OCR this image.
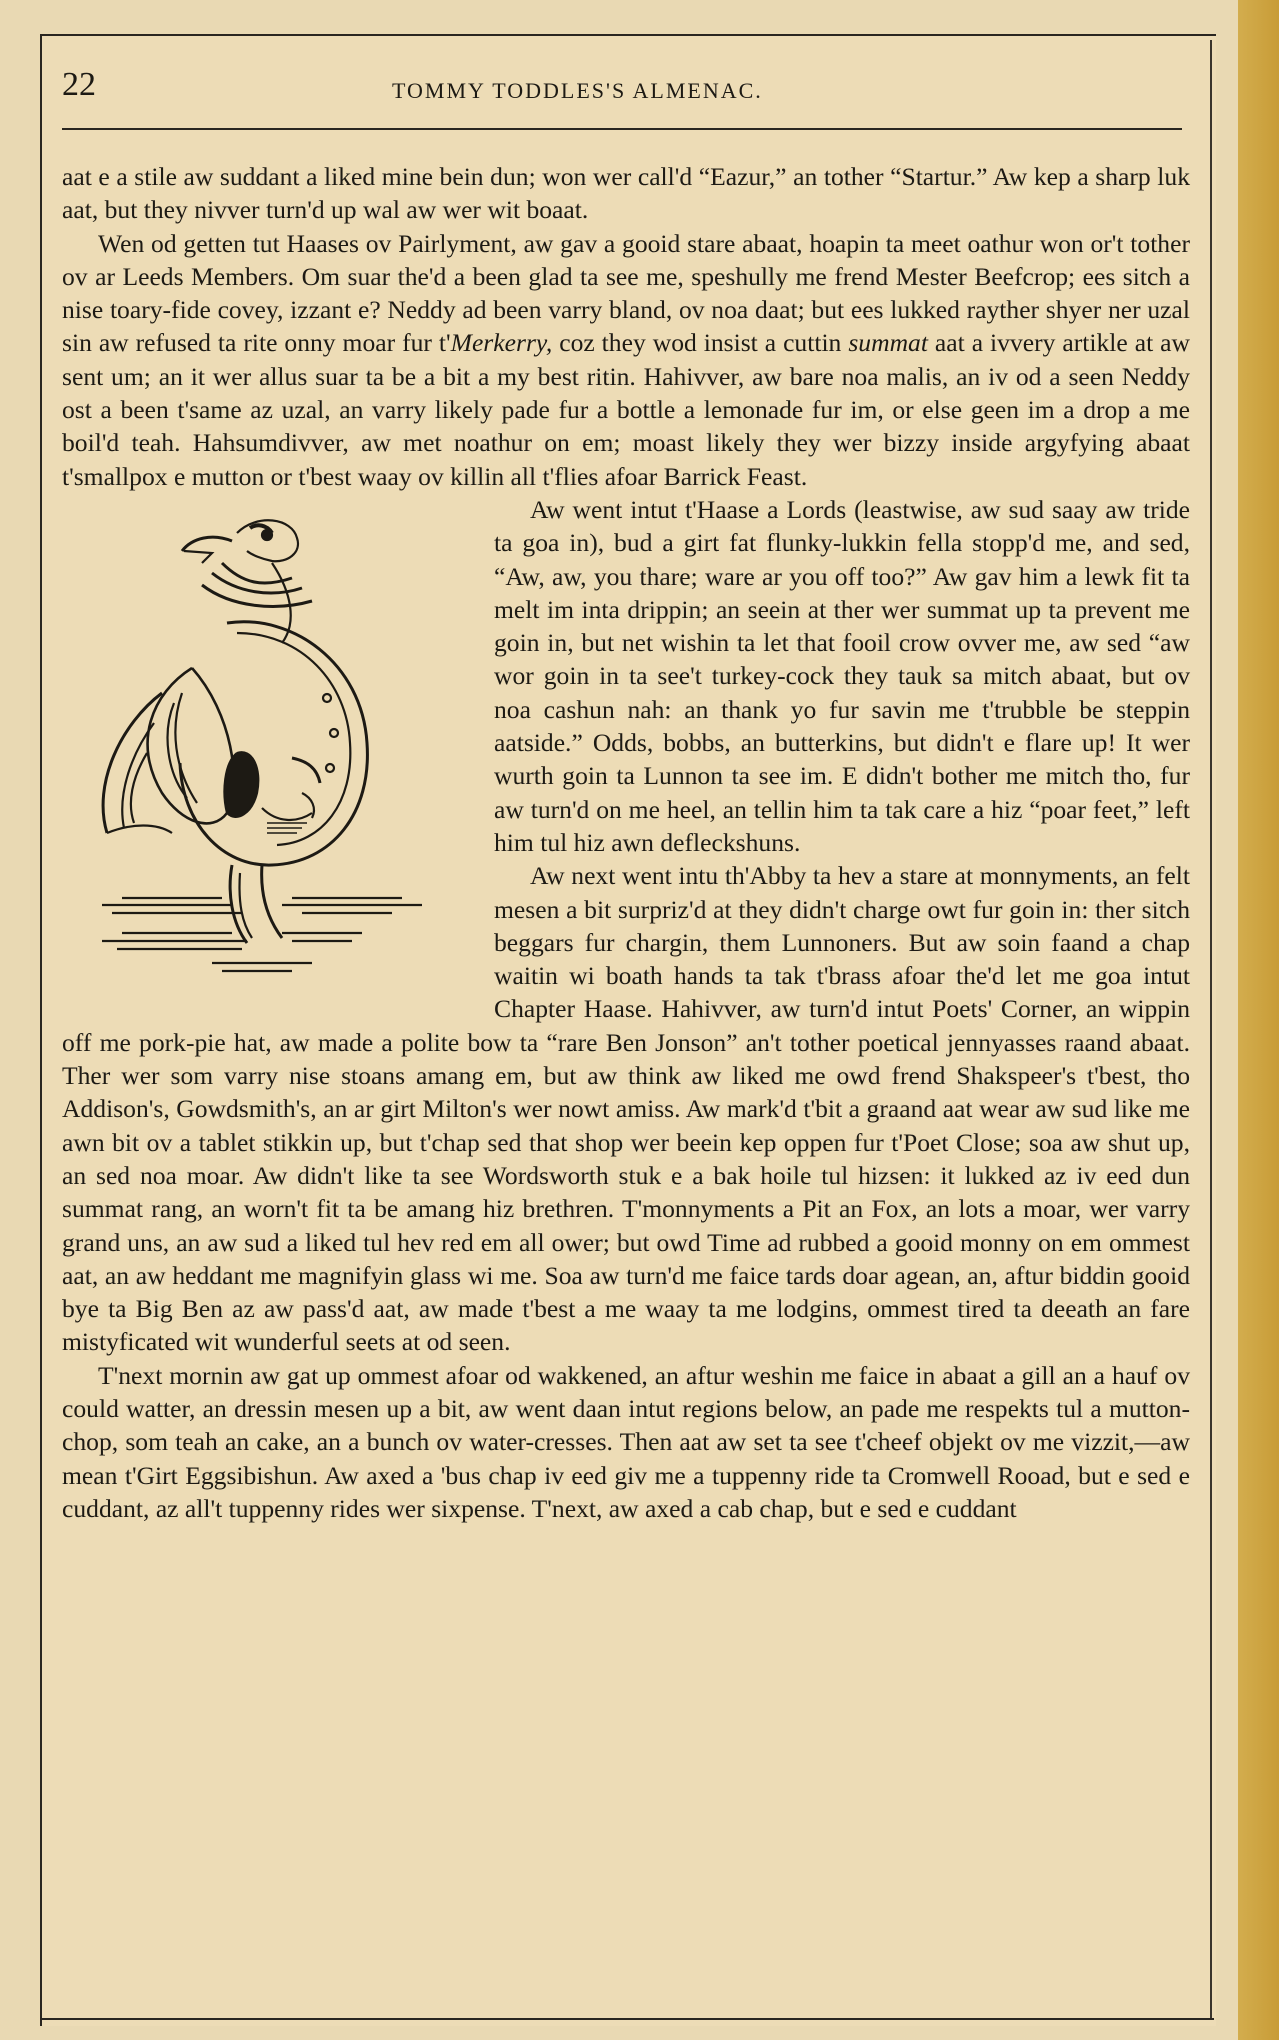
22	TOMMY TODDLES'S ALMENAC.

aat e a stile aw suddant a liked mine bein dun; won wer call'd “Eazur,” an tother “Startur.” Aw kep a sharp luk aat, but they nivver turn'd up wal aw wer wit boaat.

Wen od getten tut Haases ov Pairlyment, aw gav a gooid stare abaat, hoapin ta meet oathur won or't tother ov ar Leeds Members. Om suar the'd a been glad ta see me, speshully me frend Mester Beefcrop; ees sitch a nise toary-fide covey, izzant e? Neddy ad been varry bland, ov noa daat; but ees lukked rayther shyer ner uzal sin aw refused ta rite onny moar fur t'Merkerry, coz they wod insist a cuttin summat aat a ivvery artikle at aw sent um; an it wer allus suar ta be a bit a my best ritin. Hahivver, aw bare noa malis, an iv od a seen Neddy ost a been t'same az uzal, an varry likely pade fur a bottle a lemonade fur im, or else geen im a drop a me boil'd teah. Hahsumdivver, aw met noathur on em; moast likely they wer bizzy inside argyfying abaat t'smallpox e mutton or t'best waay ov killin all t'flies afoar Barrick Feast.

Aw went intut t'Haase a Lords (leastwise, aw sud saay aw tride ta goa in), bud a girt fat flunky-lukkin fella stopp'd me, and sed, “Aw, aw, you thare; ware ar you off too?” Aw gav him a lewk fit ta melt im inta drippin; an seein at ther wer summat up ta prevent me goin in, but net wishin ta let that fooil crow ovver me, aw sed “aw wor goin in ta see't turkey-cock they tauk sa mitch abaat, but ov noa cashun nah: an thank yo fur savin me t'trubble be steppin aatside.” Odds, bobbs, an butterkins, but didn't e flare up! It wer wurth goin ta Lunnon ta see im. E didn't bother me mitch tho, fur aw turn'd on me heel, an tellin him ta tak care a hiz “poar feet,” left him tul hiz awn defleckshuns.

Aw next went intu th'Abby ta hev a stare at monnyments, an felt mesen a bit surpriz'd at they didn't charge owt fur goin in: ther sitch beggars fur chargin, them Lunnoners. But aw soin faand a chap waitin wi boath hands ta tak t'brass afoar the'd let me goa intut Chapter Haase. Hahivver, aw turn'd intut Poets' Corner, an wippin off me pork-pie hat, aw made a polite bow ta “rare Ben Jonson” an't tother poetical jennyasses raand abaat. Ther wer som varry nise stoans amang em, but aw think aw liked me owd frend Shakspeer's t'best, tho Addison's, Gowdsmith's, an ar girt Milton's wer nowt amiss. Aw mark'd t'bit a graand aat wear aw sud like me awn bit ov a tablet stikkin up, but t'chap sed that shop wer beein kep oppen fur t'Poet Close; soa aw shut up, an sed noa moar. Aw didn't like ta see Wordsworth stuk e a bak hoile tul hizsen: it lukked az iv eed dun summat rang, an worn't fit ta be amang hiz brethren. T'monnyments a Pit an Fox, an lots a moar, wer varry grand uns, an aw sud a liked tul hev red em all ower; but owd Time ad rubbed a gooid monny on em ommest aat, an aw heddant me magnifyin glass wi me. Soa aw turn'd me faice tards doar agean, an, aftur biddin gooid bye ta Big Ben az aw pass'd aat, aw made t'best a me waay ta me lodgins, ommest tired ta deeath an fare mistyficated wit wunderful seets at od seen.

T'next mornin aw gat up ommest afoar od wakkened, an aftur weshin me faice in abaat a gill an a hauf ov could watter, an dressin mesen up a bit, aw went daan intut regions below, an pade me respekts tul a mutton-chop, som teah an cake, an a bunch ov water-cresses. Then aat aw set ta see t'cheef objekt ov me vizzit,—aw mean t'Girt Eggsibishun. Aw axed a 'bus chap iv eed giv me a tuppenny ride ta Cromwell Rooad, but e sed e cuddant, az all't tuppenny rides wer sixpense. T'next, aw axed a cab chap, but e sed e cuddant
